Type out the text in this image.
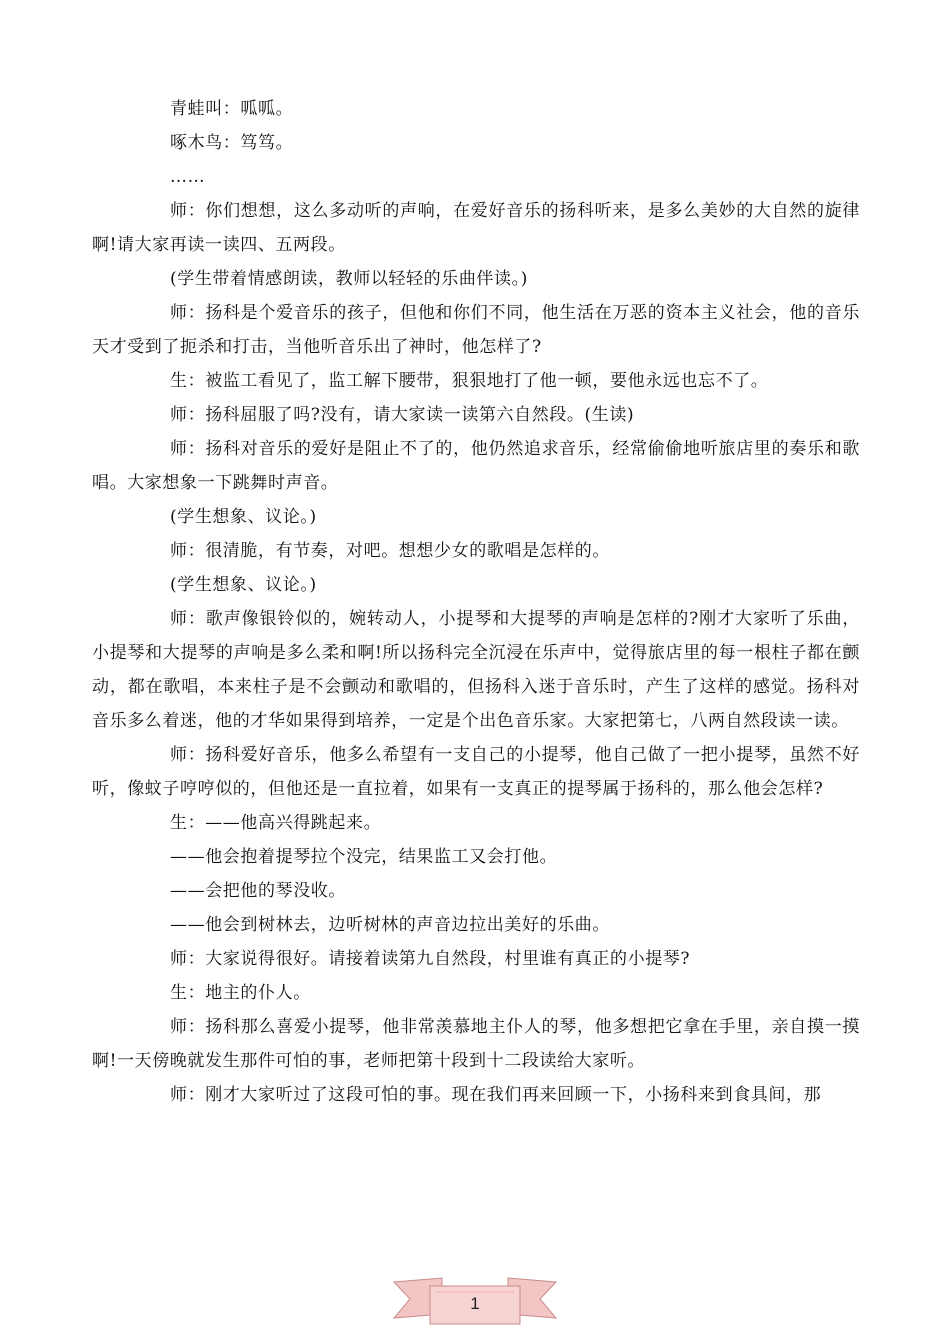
青蛙叫：呱呱。

啄木鸟：笃笃。

……

师：你们想想，这么多动听的声响，在爱好音乐的扬科听来，是多么美妙的大自然的旋律啊!请大家再读一读四、五两段。

(学生带着情感朗读，教师以轻轻的乐曲伴读。)

师：扬科是个爱音乐的孩子，但他和你们不同，他生活在万恶的资本主义社会，他的音乐天才受到了扼杀和打击，当他听音乐出了神时，他怎样了?

生：被监工看见了，监工解下腰带，狠狠地打了他一顿，要他永远也忘不了。

师：扬科屈服了吗?没有，请大家读一读第六自然段。(生读)

师：扬科对音乐的爱好是阻止不了的，他仍然追求音乐，经常偷偷地听旅店里的奏乐和歌唱。大家想象一下跳舞时声音。

(学生想象、议论。)

师：很清脆，有节奏，对吧。想想少女的歌唱是怎样的。

(学生想象、议论。)

师：歌声像银铃似的，婉转动人，小提琴和大提琴的声响是怎样的?刚才大家听了乐曲，小提琴和大提琴的声响是多么柔和啊!所以扬科完全沉浸在乐声中，觉得旅店里的每一根柱子都在颤动，都在歌唱，本来柱子是不会颤动和歌唱的，但扬科入迷于音乐时，产生了这样的感觉。扬科对音乐多么着迷，他的才华如果得到培养，一定是个出色音乐家。大家把第七，八两自然段读一读。

师：扬科爱好音乐，他多么希望有一支自己的小提琴，他自己做了一把小提琴，虽然不好听，像蚊子哼哼似的，但他还是一直拉着，如果有一支真正的提琴属于扬科的，那么他会怎样?

生：——他高兴得跳起来。

——他会抱着提琴拉个没完，结果监工又会打他。

——会把他的琴没收。

——他会到树林去，边听树林的声音边拉出美好的乐曲。

师：大家说得很好。请接着读第九自然段，村里谁有真正的小提琴?

生：地主的仆人。

师：扬科那么喜爱小提琴，他非常羡慕地主仆人的琴，他多想把它拿在手里，亲自摸一摸啊!一天傍晚就发生那件可怕的事，老师把第十段到十二段读给大家听。

师：刚才大家听过了这段可怕的事。现在我们再来回顾一下，小扬科来到食具间，那

1
